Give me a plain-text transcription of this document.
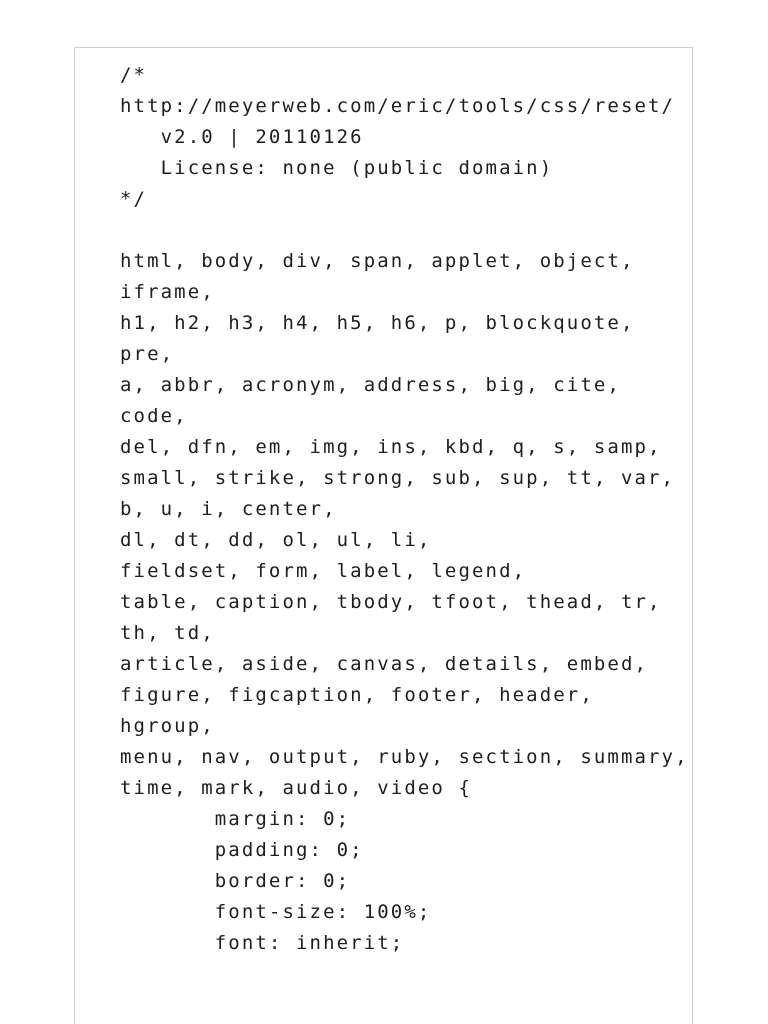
/*
http://meyerweb.com/eric/tools/css/reset/
v2.0 | 20110126
License: none (public domain)
*/
html, body, div, span, applet, object,
iframe,
h1, h2, h3, h4, h5, h6, p, blockquote,
pre,
a, abbr, acronym, address, big, cite,
code,
del, dfn, em, img, ins, kbd, q, s, samp,
small, strike, strong, sub, sup, tt, var,
b, u, i, center,
dl, dt, dd, ol, ul, li,
fieldset, form, label, legend,
table, caption, tbody, tfoot, thead, tr,
th, td,
article, aside, canvas, details, embed,
figure, figcaption, footer, header,
hgroup,
menu, nav, output, ruby, section, summary,
time, mark, audio, video {
margin: 0;
padding: 0;
border: 0;
font-size: 100%;
font: inherit;
